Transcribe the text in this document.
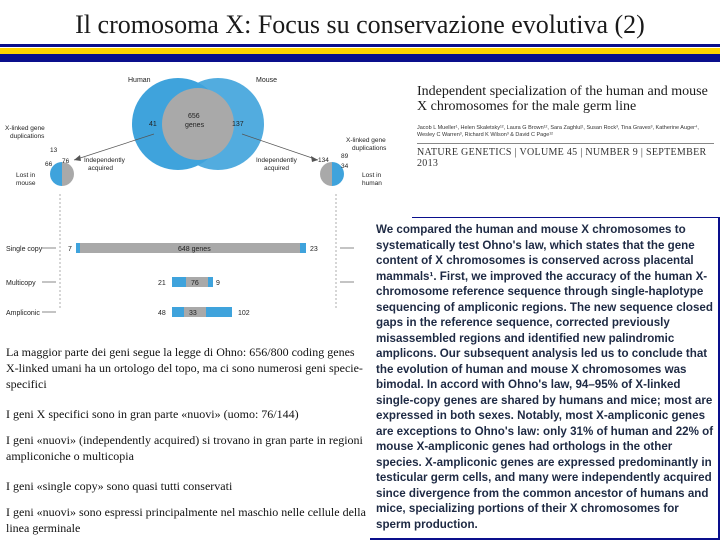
Il cromosoma X: Focus su conservazione evolutiva (2)
Human	Mouse
41
656
genes	137
X-linked gene
duplications
13
66 76 Independently
acquired
Lost in
mouse
X-linked gene
duplications
134
89
34
Independently
acquired
Lost in
human
Single copy	7	648 genes	23
Multicopy	21	76 9
Ampliconic	48	33	102
Independent specialization of the human and mouse X chromosomes for the male germ line
Jacob L Mueller¹, Helen Skaletsky¹², Laura G Brown¹², Sara Zaghlul¹, Susan Rock³, Tina Graves³, Katherine Auger⁴, Wesley C Warren³, Richard K Wilson³ & David C Page¹²
NATURE GENETICS | VOLUME 45 | NUMBER 9 | SEPTEMBER 2013
We compared the human and mouse X chromosomes to systematically test Ohno's law, which states that the gene content of X chromosomes is conserved across placental mammals¹. First, we improved the accuracy of the human X-chromosome reference sequence through single-haplotype sequencing of ampliconic regions. The new sequence closed gaps in the reference sequence, corrected previously misassembled regions and identified new palindromic amplicons. Our subsequent analysis led us to conclude that the evolution of human and mouse X chromosomes was bimodal. In accord with Ohno's law, 94–95% of X-linked single-copy genes are shared by humans and mice; most are expressed in both sexes. Notably, most X-ampliconic genes are exceptions to Ohno's law: only 31% of human and 22% of mouse X-ampliconic genes had orthologs in the other species. X-ampliconic genes are expressed predominantly in testicular germ cells, and many were independently acquired since divergence from the common ancestor of humans and mice, specializing portions of their X chromosomes for sperm production.
La maggior parte dei geni segue la legge di Ohno: 656/800 coding genes X-linked umani ha un ortologo del topo, ma ci sono numerosi geni specie-specifici
I geni X specifici sono in gran parte «nuovi» (uomo: 76/144)
I geni «nuovi» (independently acquired) si trovano in gran parte in regioni ampliconiche o multicopia
I geni «single copy» sono quasi tutti conservati
I geni «nuovi» sono espressi principalmente nel maschio nelle cellule della linea germinale
